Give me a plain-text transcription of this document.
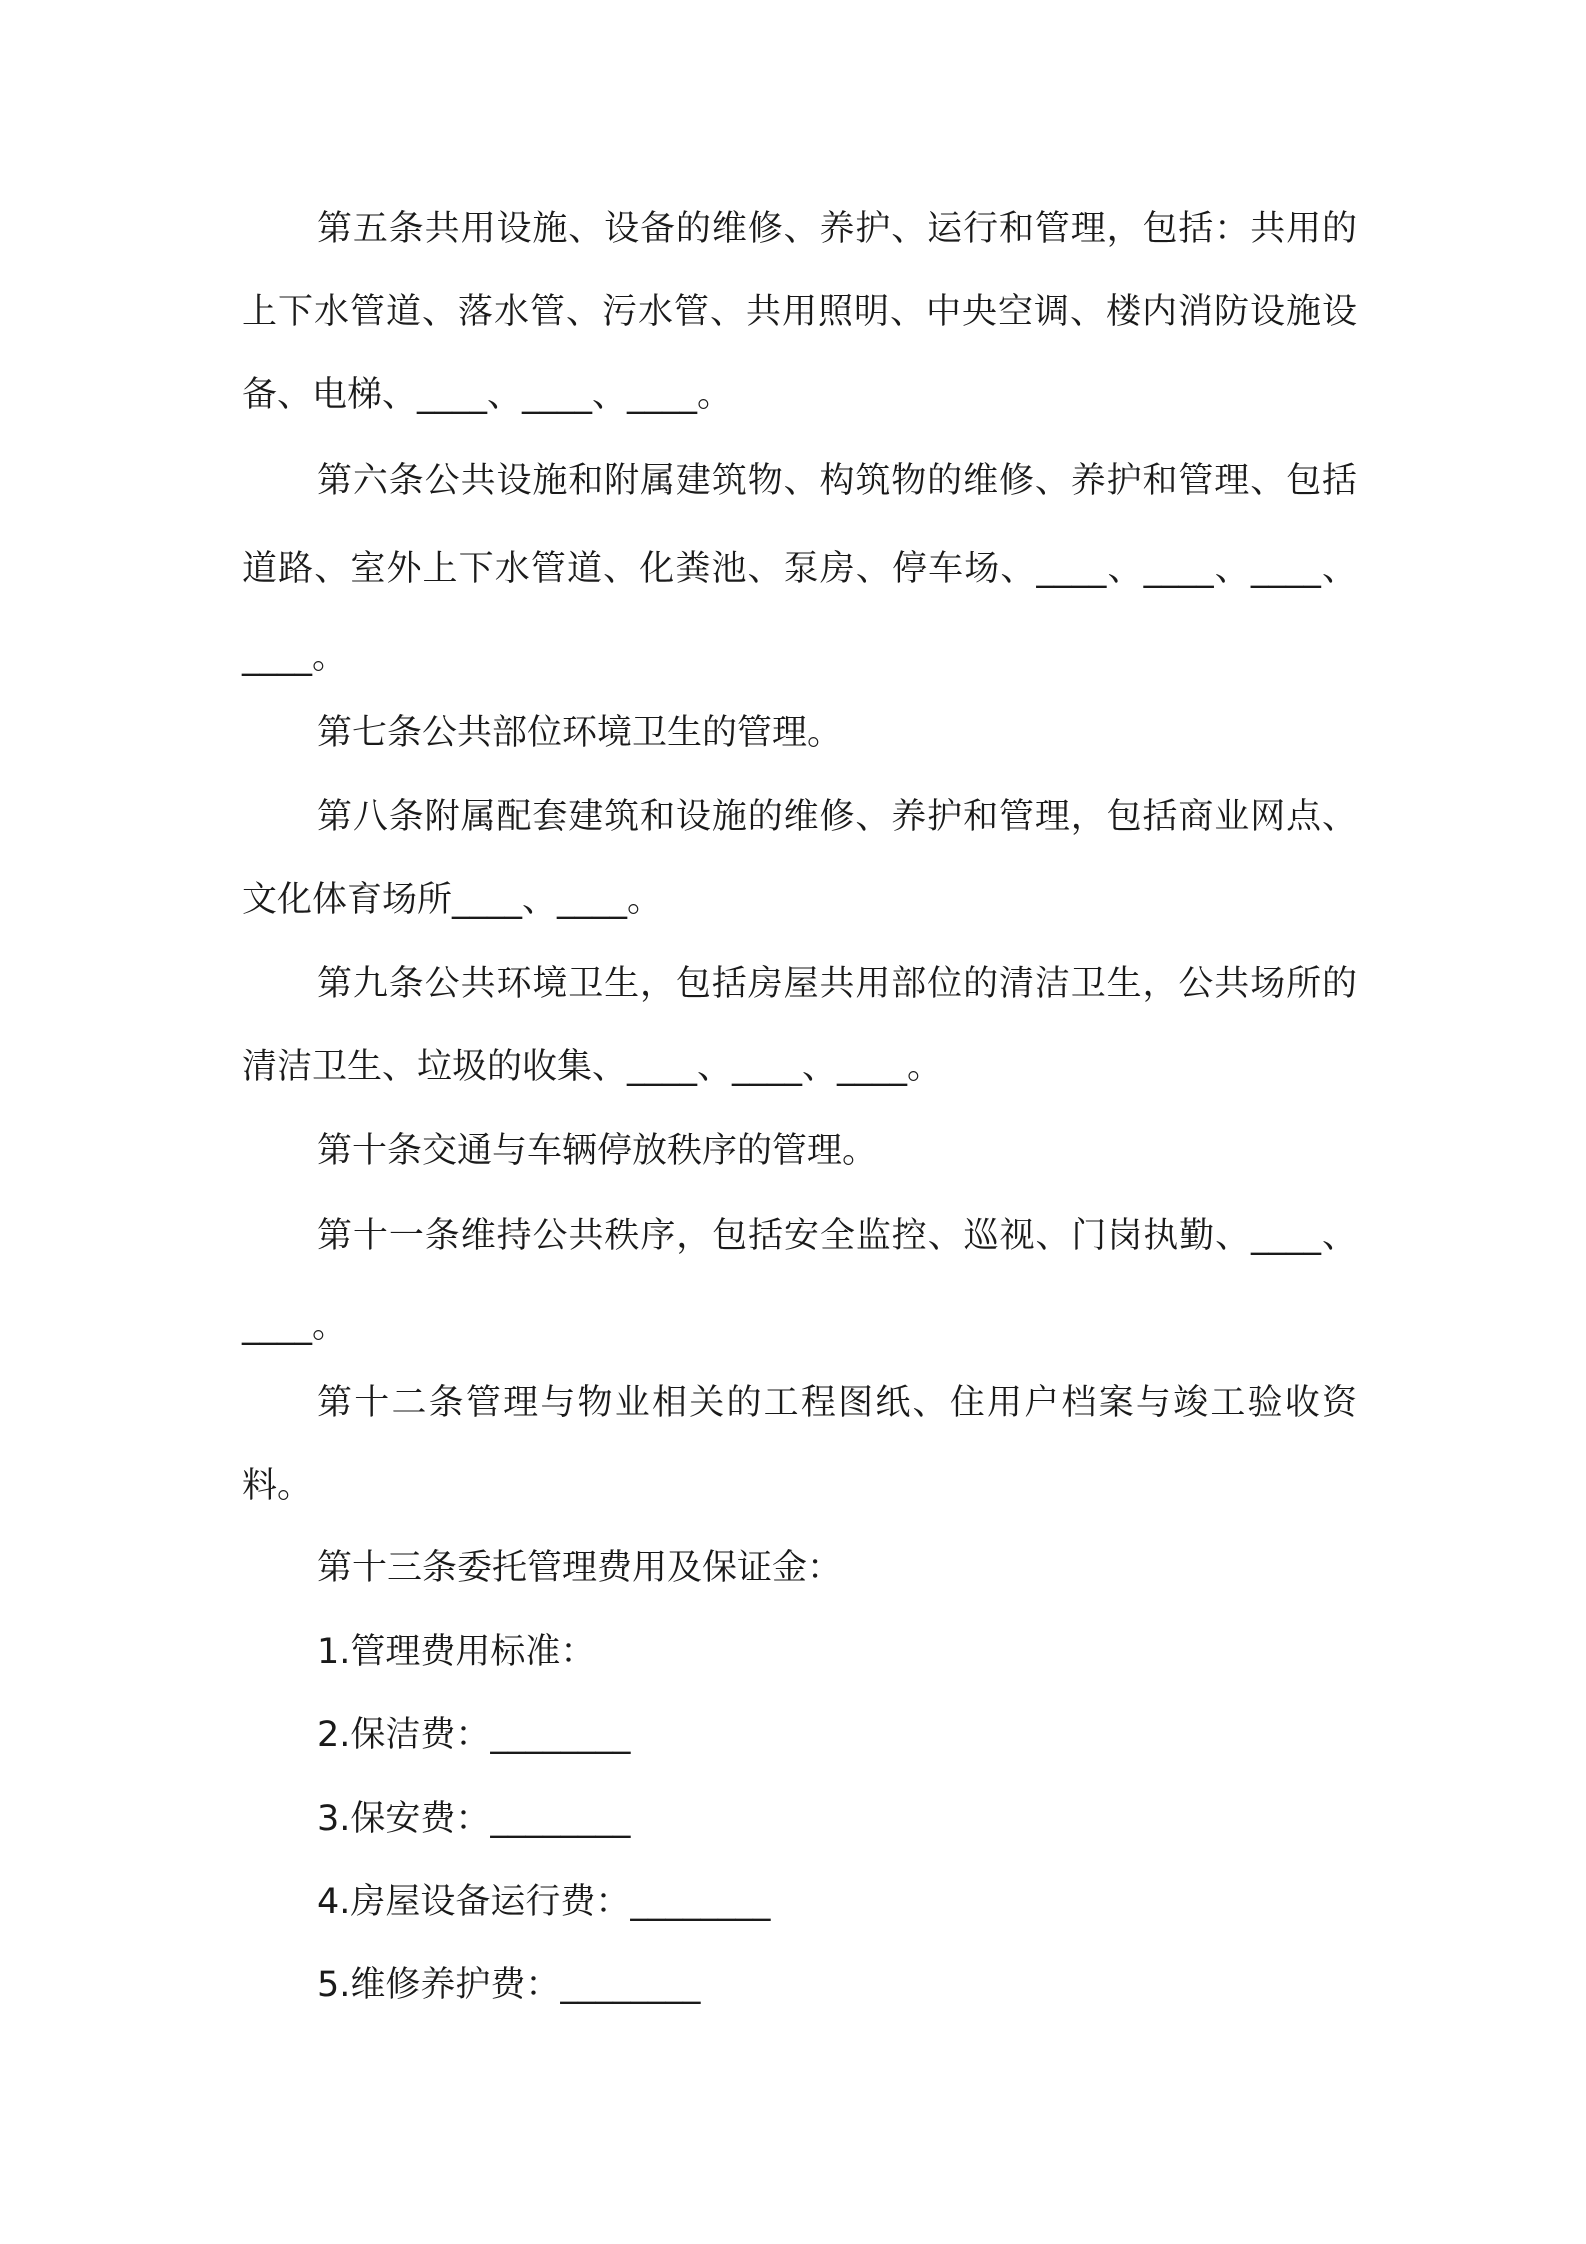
第五条共用设施、设备的维修、养护、运行和管理，包括：共用的上下水管道、落水管、污水管、共用照明、中央空调、楼内消防设施设备、电梯、____、____、____。

第六条公共设施和附属建筑物、构筑物的维修、养护和管理、包括道路、室外上下水管道、化粪池、泵房、停车场、____、____、____、____。

第七条公共部位环境卫生的管理。

第八条附属配套建筑和设施的维修、养护和管理，包括商业网点、文化体育场所____、____。

第九条公共环境卫生，包括房屋共用部位的清洁卫生，公共场所的清洁卫生、垃圾的收集、____、____、____。

第十条交通与车辆停放秩序的管理。

第十一条维持公共秩序，包括安全监控、巡视、门岗执勤、____、____。

第十二条管理与物业相关的工程图纸、住用户档案与竣工验收资料。

第十三条委托管理费用及保证金：

1.管理费用标准：

2.保洁费：________

3.保安费：________

4.房屋设备运行费：________

5.维修养护费：________
